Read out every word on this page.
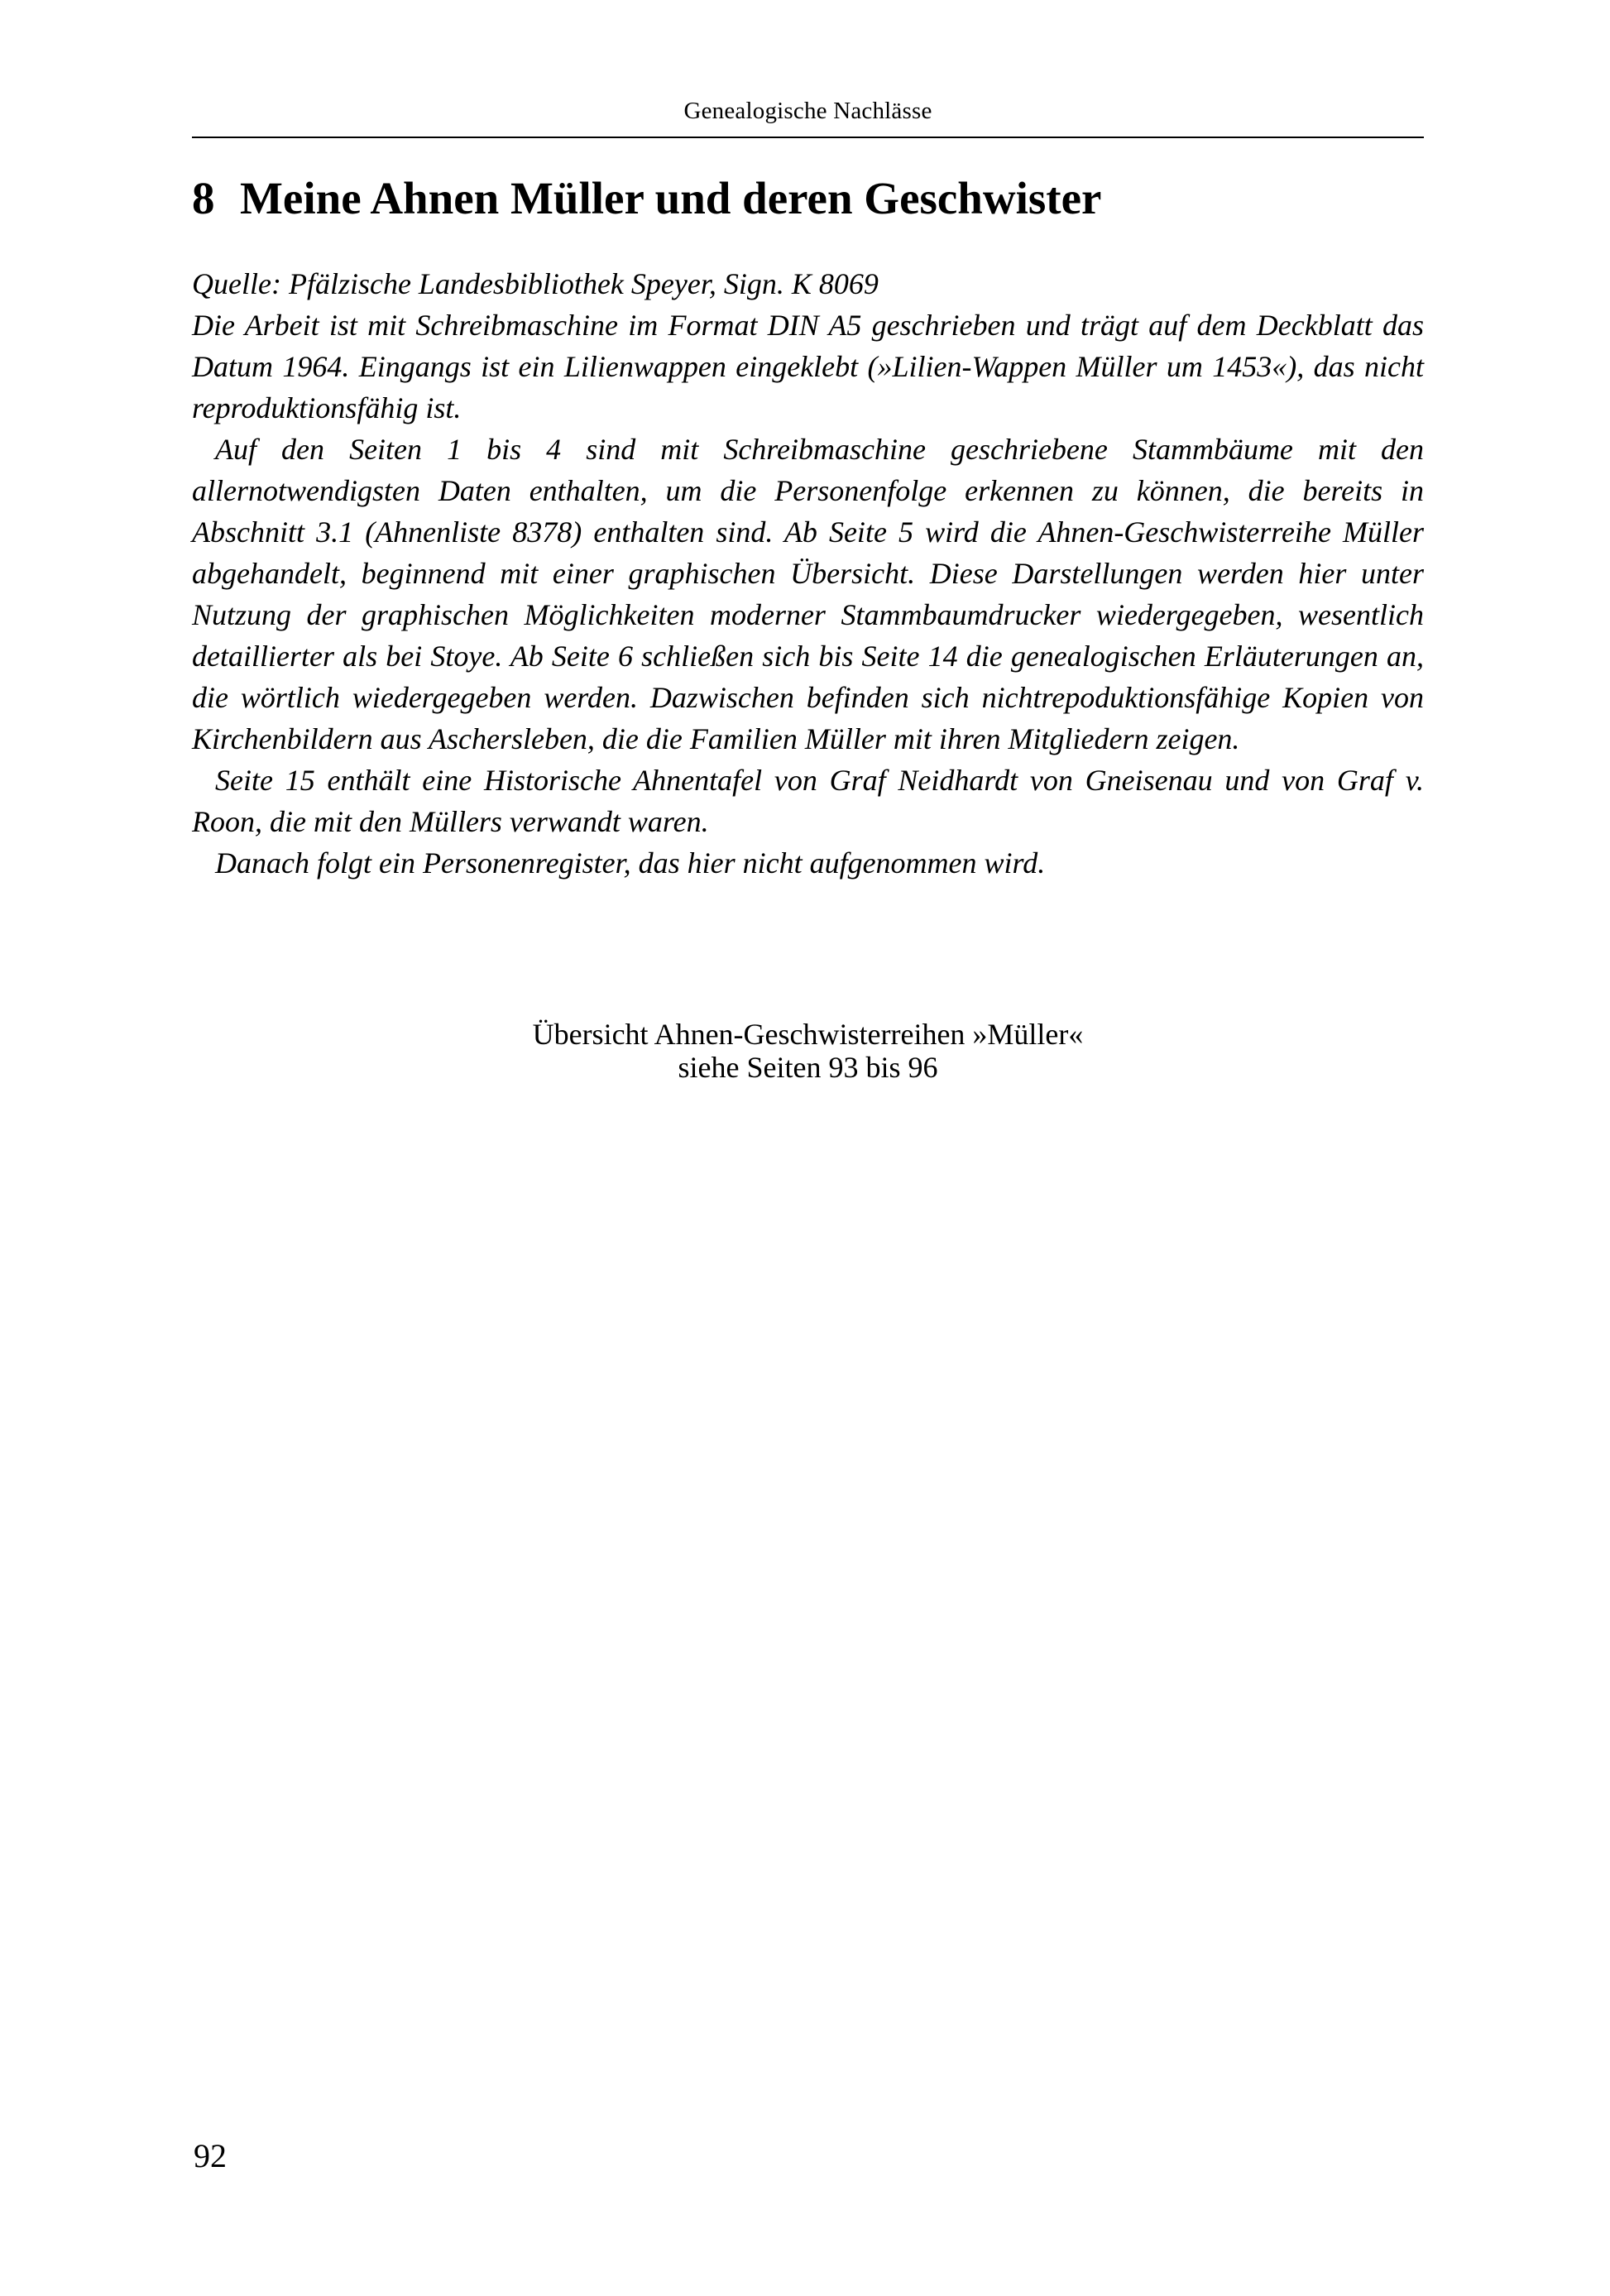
Genealogische Nachlässe
8 Meine Ahnen Müller und deren Geschwister

Quelle: Pfälzische Landesbibliothek Speyer, Sign. K 8069

Die Arbeit ist mit Schreibmaschine im Format DIN A5 geschrieben und trägt auf dem Deckblatt das Datum 1964. Eingangs ist ein Lilienwappen eingeklebt (»Lilien-Wappen Müller um 1453«), das nicht reproduktionsfähig ist.

Auf den Seiten 1 bis 4 sind mit Schreibmaschine geschriebene Stammbäume mit den allernotwendigsten Daten enthalten, um die Personenfolge erkennen zu können, die bereits in Abschnitt 3.1 (Ahnenliste 8378) enthalten sind. Ab Seite 5 wird die Ahnen-Geschwisterreihe Müller abgehandelt, beginnend mit einer graphischen Übersicht. Diese Darstellungen werden hier unter Nutzung der graphischen Möglichkeiten moderner Stammbaumdrucker wiedergegeben, wesentlich detaillierter als bei Stoye. Ab Seite 6 schließen sich bis Seite 14 die genealogischen Erläuterungen an, die wörtlich wiedergegeben werden. Dazwischen befinden sich nichtrepoduktionsfähige Kopien von Kirchenbildern aus Aschersleben, die die Familien Müller mit ihren Mitgliedern zeigen.

Seite 15 enthält eine Historische Ahnentafel von Graf Neidhardt von Gneisenau und von Graf v. Roon, die mit den Müllers verwandt waren.

Danach folgt ein Personenregister, das hier nicht aufgenommen wird.

Übersicht Ahnen-Geschwisterreihen »Müller«
siehe Seiten 93 bis 96
92
